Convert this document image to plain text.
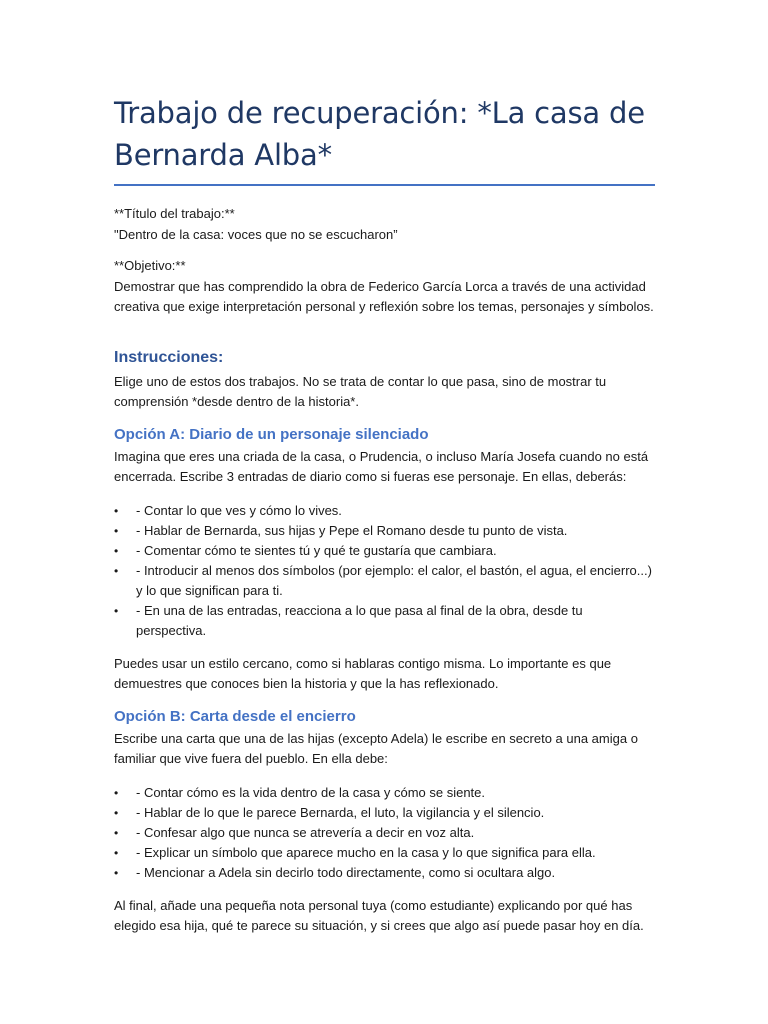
Trabajo de recuperación: *La casa de Bernarda Alba*

**Título del trabajo:**

"Dentro de la casa: voces que no se escucharon”

**Objetivo:**

Demostrar que has comprendido la obra de Federico García Lorca a través de una actividad creativa que exige interpretación personal y reflexión sobre los temas, personajes y símbolos.

Instrucciones:

Elige uno de estos dos trabajos. No se trata de contar lo que pasa, sino de mostrar tu comprensión *desde dentro de la historia*.

Opción A: Diario de un personaje silenciado

Imagina que eres una criada de la casa, o Prudencia, o incluso María Josefa cuando no está encerrada. Escribe 3 entradas de diario como si fueras ese personaje. En ellas, deberás:

•	- Contar lo que ves y cómo lo vives.
•	- Hablar de Bernarda, sus hijas y Pepe el Romano desde tu punto de vista.
•	- Comentar cómo te sientes tú y qué te gustaría que cambiara.
•	- Introducir al menos dos símbolos (por ejemplo: el calor, el bastón, el agua, el encierro...) y lo que significan para ti.
•	- En una de las entradas, reacciona a lo que pasa al final de la obra, desde tu perspectiva.

Puedes usar un estilo cercano, como si hablaras contigo misma. Lo importante es que demuestres que conoces bien la historia y que la has reflexionado.

Opción B: Carta desde el encierro

Escribe una carta que una de las hijas (excepto Adela) le escribe en secreto a una amiga o familiar que vive fuera del pueblo. En ella debe:

•	- Contar cómo es la vida dentro de la casa y cómo se siente.
•	- Hablar de lo que le parece Bernarda, el luto, la vigilancia y el silencio.
•	- Confesar algo que nunca se atrevería a decir en voz alta.
•	- Explicar un símbolo que aparece mucho en la casa y lo que significa para ella.
•	- Mencionar a Adela sin decirlo todo directamente, como si ocultara algo.

Al final, añade una pequeña nota personal tuya (como estudiante) explicando por qué has elegido esa hija, qué te parece su situación, y si crees que algo así puede pasar hoy en día.
